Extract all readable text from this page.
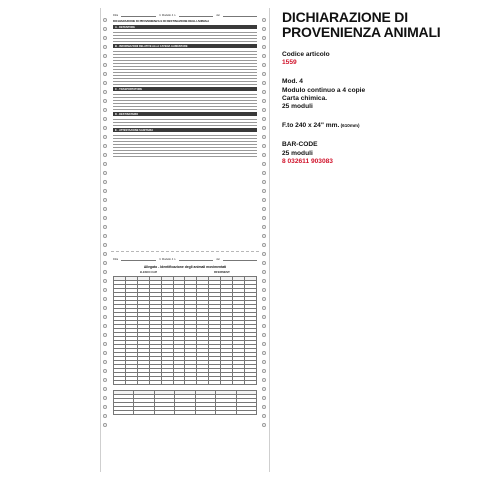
Ditta	N. Modello 4 n.	del
DICHIARAZIONE DI PROVENIENZA E DI DESTINAZIONE DEGLI ANIMALI
A - DETENTORE
B - INFORMAZIONI RELATIVE ALLA CATENA ALIMENTARE
C - TRASPORTATORE
D - DESTINATARIO
E - ATTESTAZIONE SANITARIA
Ditta	N. Modello 4 n.	del
Allegato - Identificazione degli animali movimentati
ELENCO CAPI	RIFERIMENTI

DICHIARAZIONE DI
PROVENIENZA ANIMALI
Codice articolo
1559
Mod. 4
Modulo continuo a 4 copie
Carta chimica.
25 moduli
F.to 240 x 24" mm. (610mm)
BAR-CODE
25 moduli
8 032611 903083
